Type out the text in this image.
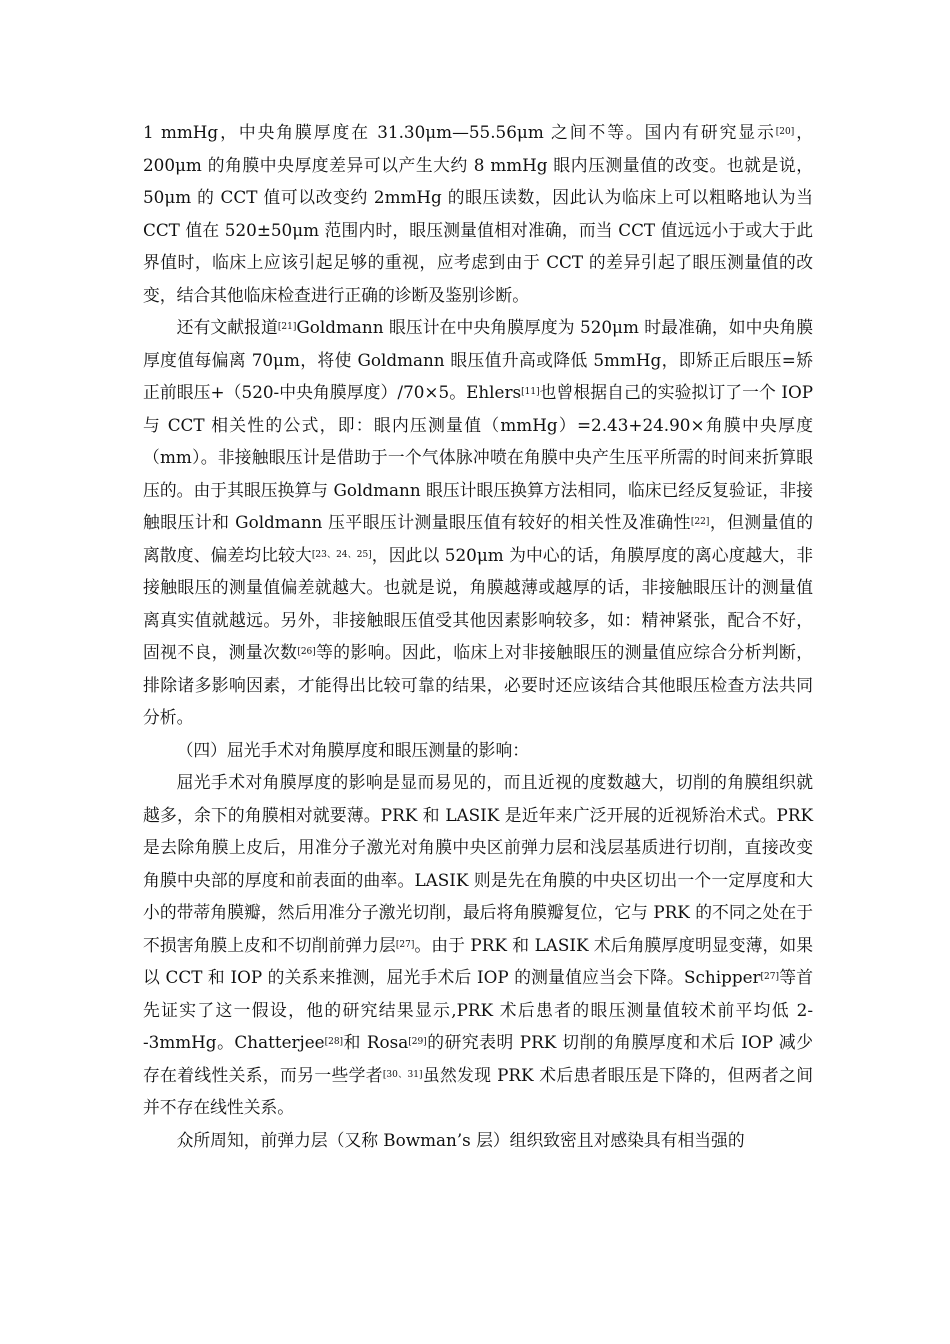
1 mmHg，中央角膜厚度在 31.30μm—55.56μm 之间不等。国内有研究显示[20]，200μm 的角膜中央厚度差异可以产生大约 8 mmHg 眼内压测量值的改变。也就是说，50μm 的 CCT 值可以改变约 2mmHg 的眼压读数，因此认为临床上可以粗略地认为当 CCT 值在 520±50μm 范围内时，眼压测量值相对准确，而当 CCT 值远远小于或大于此界值时，临床上应该引起足够的重视，应考虑到由于 CCT 的差异引起了眼压测量值的改变，结合其他临床检查进行正确的诊断及鉴别诊断。

还有文献报道[21]Goldmann 眼压计在中央角膜厚度为 520μm 时最准确，如中央角膜厚度值每偏离 70μm，将使 Goldmann 眼压值升高或降低 5mmHg，即矫正后眼压=矫正前眼压+（520-中央角膜厚度）/70×5。Ehlers[11]也曾根据自己的实验拟订了一个 IOP 与 CCT 相关性的公式，即：眼内压测量值（mmHg）=2.43+24.90×角膜中央厚度（mm）。非接触眼压计是借助于一个气体脉冲喷在角膜中央产生压平所需的时间来折算眼压的。由于其眼压换算与 Goldmann 眼压计眼压换算方法相同，临床已经反复验证，非接触眼压计和 Goldmann 压平眼压计测量眼压值有较好的相关性及准确性[22]，但测量值的离散度、偏差均比较大[23、24、25]，因此以 520μm 为中心的话，角膜厚度的离心度越大，非接触眼压的测量值偏差就越大。也就是说，角膜越薄或越厚的话，非接触眼压计的测量值离真实值就越远。另外，非接触眼压值受其他因素影响较多，如：精神紧张，配合不好，固视不良，测量次数[26]等的影响。因此，临床上对非接触眼压的测量值应综合分析判断，排除诸多影响因素，才能得出比较可靠的结果，必要时还应该结合其他眼压检查方法共同分析。

（四）屈光手术对角膜厚度和眼压测量的影响：

屈光手术对角膜厚度的影响是显而易见的，而且近视的度数越大，切削的角膜组织就越多，余下的角膜相对就要薄。PRK 和 LASIK 是近年来广泛开展的近视矫治术式。PRK 是去除角膜上皮后，用准分子激光对角膜中央区前弹力层和浅层基质进行切削，直接改变角膜中央部的厚度和前表面的曲率。LASIK 则是先在角膜的中央区切出一个一定厚度和大小的带蒂角膜瓣，然后用准分子激光切削，最后将角膜瓣复位，它与 PRK 的不同之处在于不损害角膜上皮和不切削前弹力层[27]。由于 PRK 和 LASIK 术后角膜厚度明显变薄，如果以 CCT 和 IOP 的关系来推测，屈光手术后 IOP 的测量值应当会下降。Schipper[27]等首先证实了这一假设，他的研究结果显示,PRK 术后患者的眼压测量值较术前平均低 2--3mmHg。Chatterjee[28]和 Rosa[29]的研究表明 PRK 切削的角膜厚度和术后 IOP 减少存在着线性关系，而另一些学者[30、31]虽然发现 PRK 术后患者眼压是下降的，但两者之间并不存在线性关系。

众所周知，前弹力层（又称 Bowman’s 层）组织致密且对感染具有相当强的
